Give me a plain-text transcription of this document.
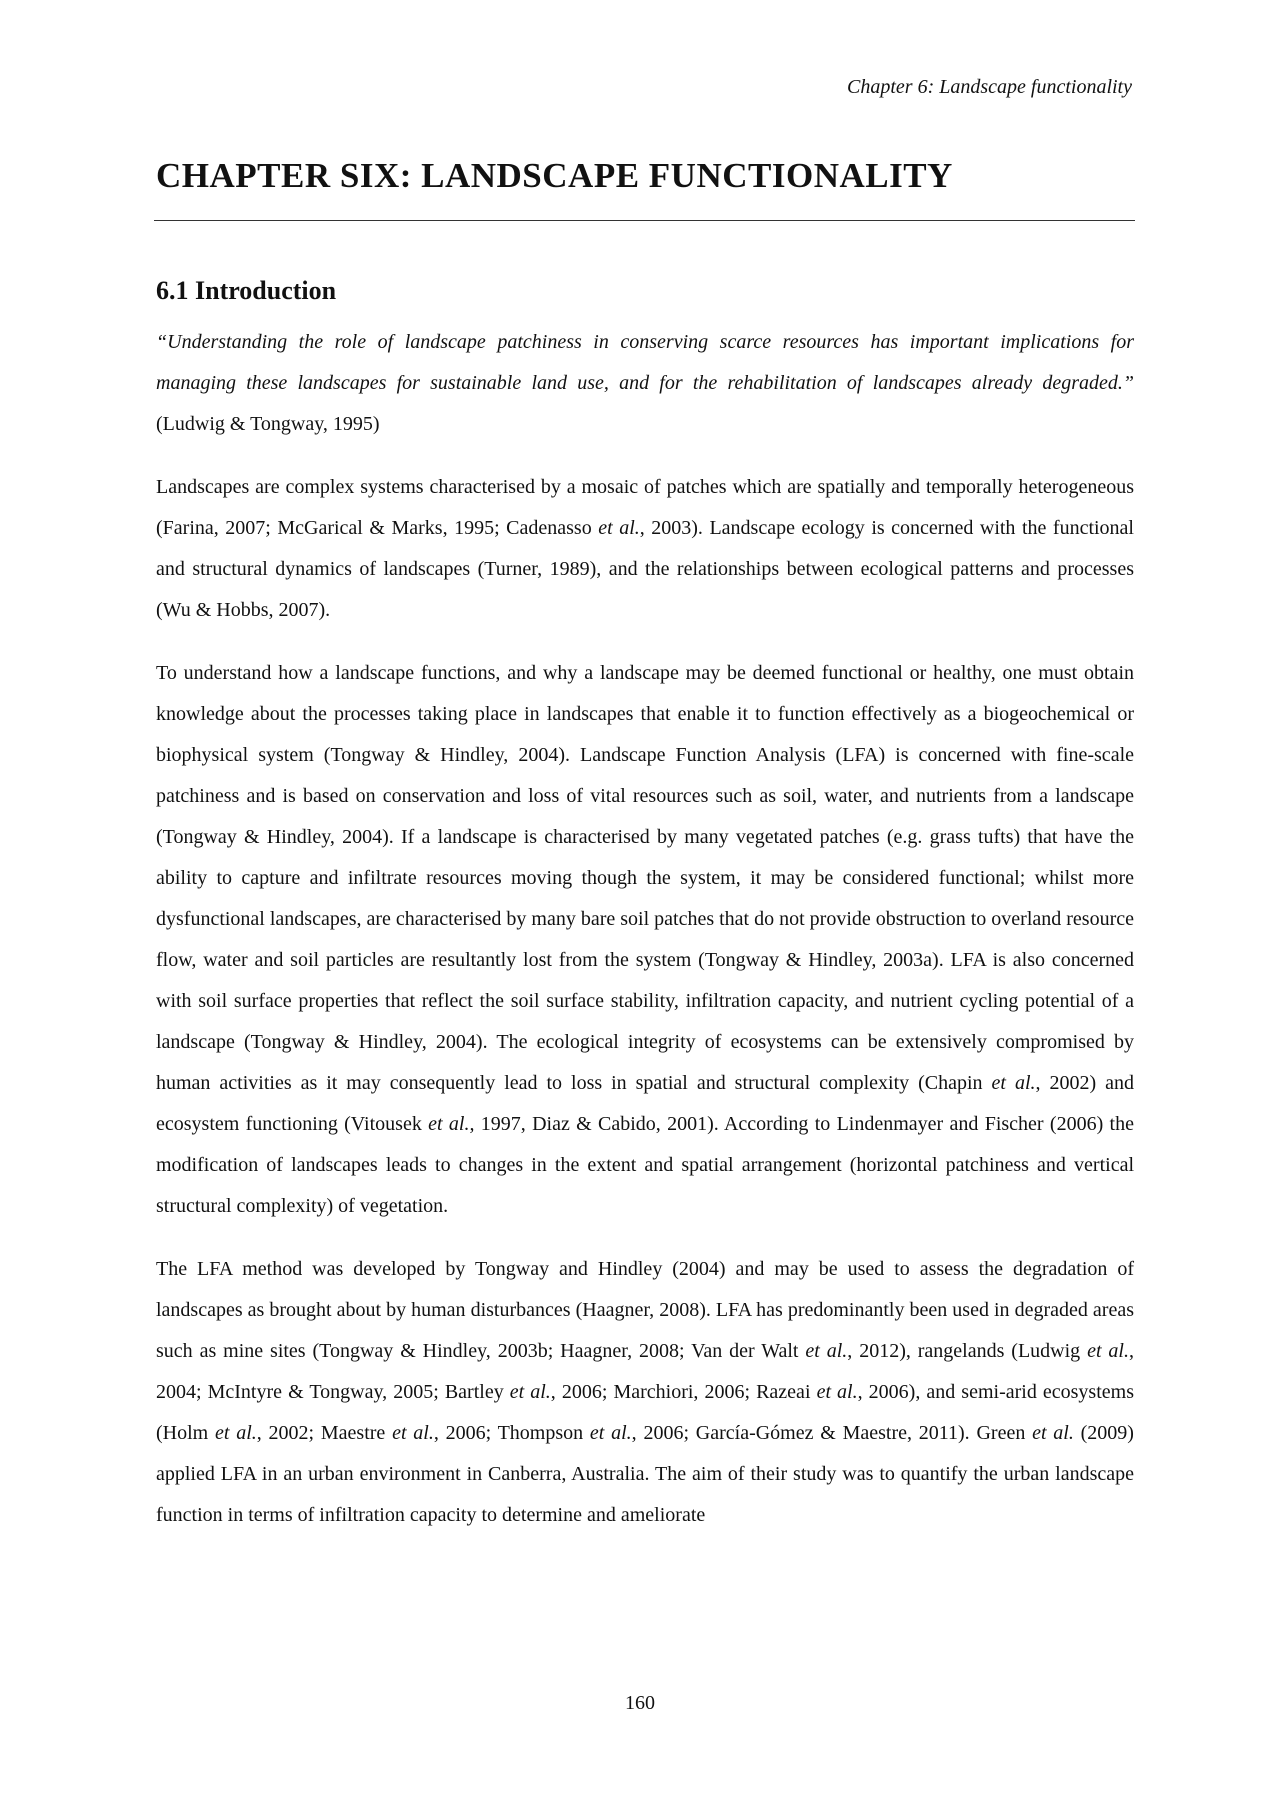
Chapter 6: Landscape functionality
CHAPTER SIX: LANDSCAPE FUNCTIONALITY
6.1 Introduction

“Understanding the role of landscape patchiness in conserving scarce resources has important implications for managing these landscapes for sustainable land use, and for the rehabilitation of landscapes already degraded.” (Ludwig & Tongway, 1995)

Landscapes are complex systems characterised by a mosaic of patches which are spatially and temporally heterogeneous (Farina, 2007; McGarical & Marks, 1995; Cadenasso et al., 2003). Landscape ecology is concerned with the functional and structural dynamics of landscapes (Turner, 1989), and the relationships between ecological patterns and processes (Wu & Hobbs, 2007).

To understand how a landscape functions, and why a landscape may be deemed functional or healthy, one must obtain knowledge about the processes taking place in landscapes that enable it to function effectively as a biogeochemical or biophysical system (Tongway & Hindley, 2004). Landscape Function Analysis (LFA) is concerned with fine-scale patchiness and is based on conservation and loss of vital resources such as soil, water, and nutrients from a landscape (Tongway & Hindley, 2004). If a landscape is characterised by many vegetated patches (e.g. grass tufts) that have the ability to capture and infiltrate resources moving though the system, it may be considered functional; whilst more dysfunctional landscapes, are characterised by many bare soil patches that do not provide obstruction to overland resource flow, water and soil particles are resultantly lost from the system (Tongway & Hindley, 2003a). LFA is also concerned with soil surface properties that reflect the soil surface stability, infiltration capacity, and nutrient cycling potential of a landscape (Tongway & Hindley, 2004). The ecological integrity of ecosystems can be extensively compromised by human activities as it may consequently lead to loss in spatial and structural complexity (Chapin et al., 2002) and ecosystem functioning (Vitousek et al., 1997, Diaz & Cabido, 2001). According to Lindenmayer and Fischer (2006) the modification of landscapes leads to changes in the extent and spatial arrangement (horizontal patchiness and vertical structural complexity) of vegetation.

The LFA method was developed by Tongway and Hindley (2004) and may be used to assess the degradation of landscapes as brought about by human disturbances (Haagner, 2008). LFA has predominantly been used in degraded areas such as mine sites (Tongway & Hindley, 2003b; Haagner, 2008; Van der Walt et al., 2012), rangelands (Ludwig et al., 2004; McIntyre & Tongway, 2005; Bartley et al., 2006; Marchiori, 2006; Razeai et al., 2006), and semi-arid ecosystems (Holm et al., 2002; Maestre et al., 2006; Thompson et al., 2006; García-Gómez & Maestre, 2011). Green et al. (2009) applied LFA in an urban environment in Canberra, Australia. The aim of their study was to quantify the urban landscape function in terms of infiltration capacity to determine and ameliorate

160
